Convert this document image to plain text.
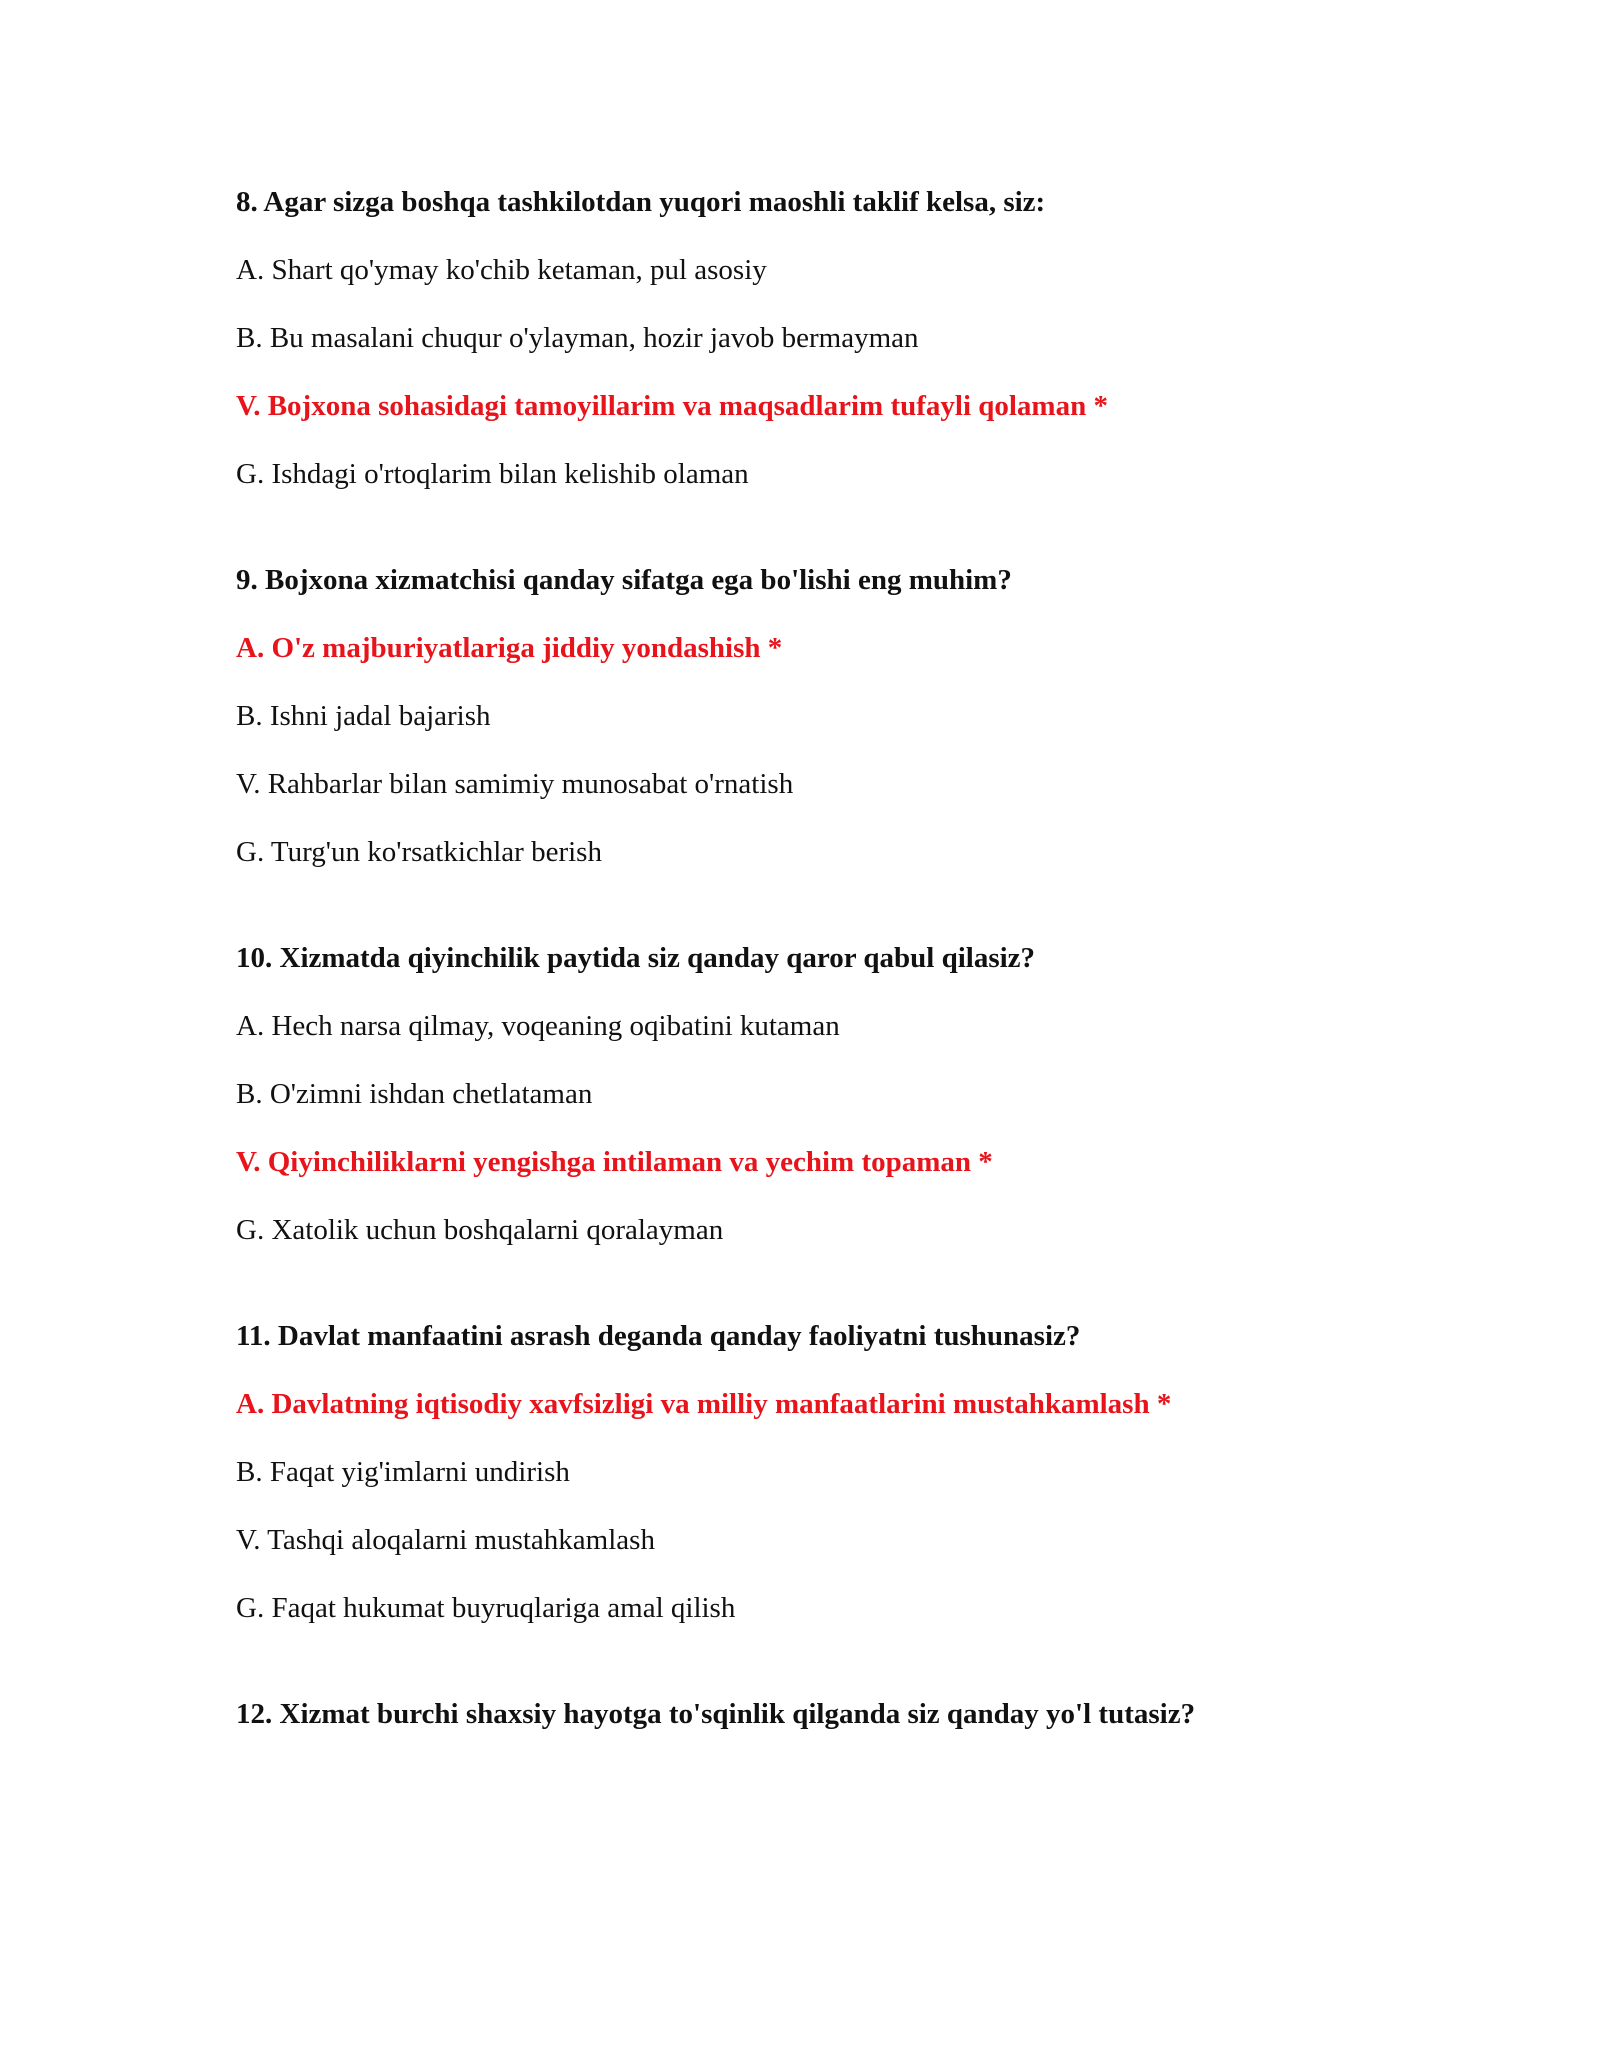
8. Agar sizga boshqa tashkilotdan yuqori maoshli taklif kelsa, siz:
A. Shart qo'ymay ko'chib ketaman, pul asosiy
B. Bu masalani chuqur o'ylayman, hozir javob bermayman
V. Bojxona sohasidagi tamoyillarim va maqsadlarim tufayli qolaman *
G. Ishdagi o'rtoqlarim bilan kelishib olaman
9. Bojxona xizmatchisi qanday sifatga ega bo'lishi eng muhim?
A. O'z majburiyatlariga jiddiy yondashish *
B. Ishni jadal bajarish
V. Rahbarlar bilan samimiy munosabat o'rnatish
G. Turg'un ko'rsatkichlar berish
10. Xizmatda qiyinchilik paytida siz qanday qaror qabul qilasiz?
A. Hech narsa qilmay, voqeaning oqibatini kutaman
B. O'zimni ishdan chetlataman
V. Qiyinchiliklarni yengishga intilaman va yechim topaman *
G. Xatolik uchun boshqalarni qoralayman
11. Davlat manfaatini asrash deganda qanday faoliyatni tushunasiz?
A. Davlatning iqtisodiy xavfsizligi va milliy manfaatlarini mustahkamlash *
B. Faqat yig'imlarni undirish
V. Tashqi aloqalarni mustahkamlash
G. Faqat hukumat buyruqlariga amal qilish
12. Xizmat burchi shaxsiy hayotga to'sqinlik qilganda siz qanday yo'l tutasiz?
